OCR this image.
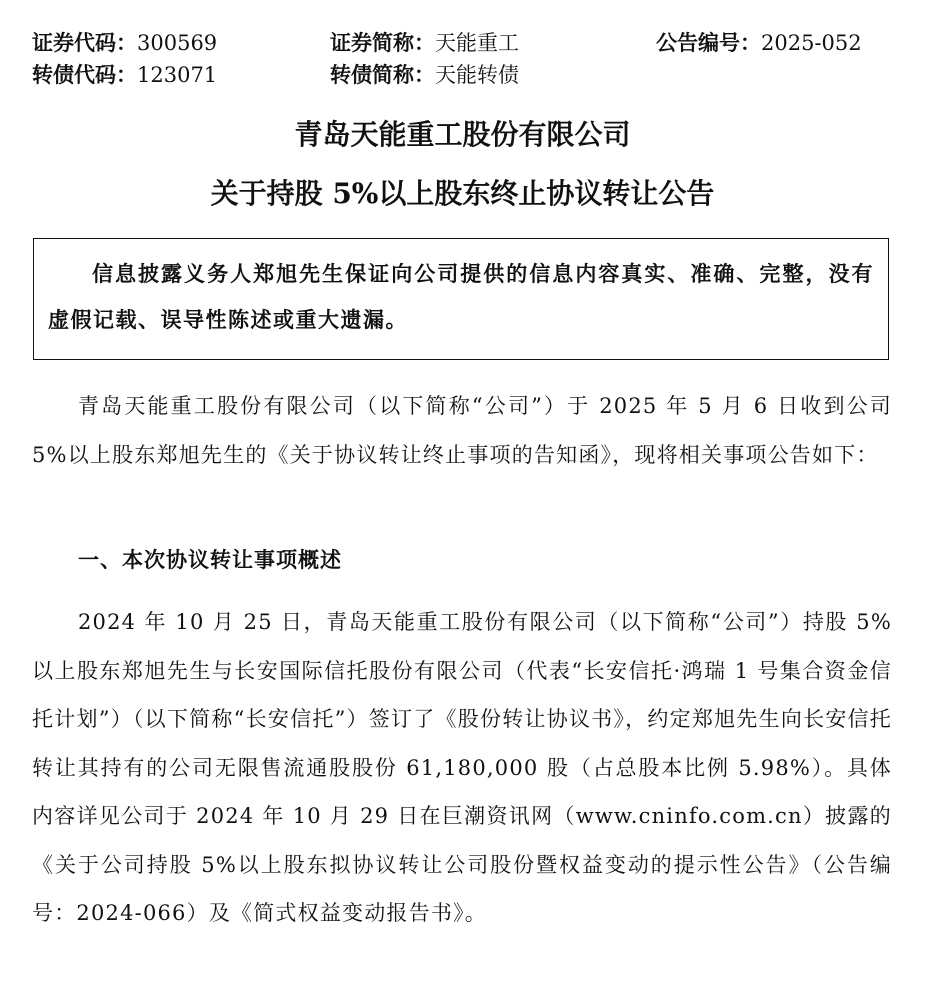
证券代码：300569	证券简称：天能重工	公告编号：2025-052
转债代码：123071	转债简称：天能转债
青岛天能重工股份有限公司
关于持股 5%以上股东终止协议转让公告
信息披露义务人郑旭先生保证向公司提供的信息内容真实、准确、完整，没有虚假记载、误导性陈述或重大遗漏。
青岛天能重工股份有限公司（以下简称“公司”）于 2025 年 5 月 6 日收到公司 5%以上股东郑旭先生的《关于协议转让终止事项的告知函》，现将相关事项公告如下：
一、本次协议转让事项概述
2024 年 10 月 25 日，青岛天能重工股份有限公司（以下简称“公司”）持股 5%以上股东郑旭先生与长安国际信托股份有限公司（代表“长安信托·鸿瑞 1 号集合资金信托计划”）（以下简称“长安信托”）签订了《股份转让协议书》，约定郑旭先生向长安信托转让其持有的公司无限售流通股股份 61,180,000 股（占总股本比例 5.98%）。具体内容详见公司于 2024 年 10 月 29 日在巨潮资讯网（www.cninfo.com.cn）披露的《关于公司持股 5%以上股东拟协议转让公司股份暨权益变动的提示性公告》（公告编号：2024-066）及《简式权益变动报告书》。
